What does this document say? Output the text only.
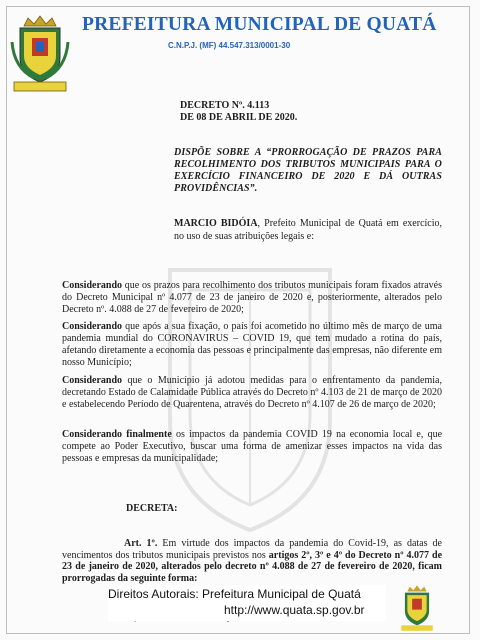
PREFEITURA MUNICIPAL DE QUATÁ
C.N.P.J. (MF) 44.547.313/0001-30
DECRETO Nº. 4.113
DE 08 DE ABRIL DE 2020.
DISPÕE SOBRE A “PRORROGAÇÃO DE PRAZOS PARA RECOLHIMENTO DOS TRIBUTOS MUNICIPAIS PARA O EXERCÍCIO FINANCEIRO DE 2020 E DÁ OUTRAS PROVIDÊNCIAS”.
MARCIO BIDÓIA, Prefeito Municipal de Quatá em exercício, no uso de suas atribuições legais e:
Considerando que os prazos para recolhimento dos tributos municipais foram fixados através do Decreto Municipal nº 4.077 de 23 de janeiro de 2020 e, posteriormente, alterados pelo Decreto nº. 4.088 de 27 de fevereiro de 2020;
Considerando que após a sua fixação, o país foi acometido no último mês de março de uma pandemia mundial do CORONAVIRUS – COVID 19, que tem mudado a rotina do país, afetando diretamente a economia das pessoas e principalmente das empresas, não diferente em nosso Município;
Considerando que o Município já adotou medidas para o enfrentamento da pandemia, decretando Estado de Calamidade Pública através do Decreto nº 4.103 de 21 de março de 2020 e estabelecendo Período de Quarentena, através do Decreto nº 4.107 de 26 de março de 2020;
Considerando finalmente os impactos da pandemia COVID 19 na economia local e, que compete ao Poder Executivo, buscar uma forma de amenizar esses impactos na vida das pessoas e empresas da municipalidade;
DECRETA:
Art. 1º. Em virtude dos impactos da pandemia do Covid-19, as datas de vencimentos dos tributos municipais previstos nos artigos 2º, 3º e 4º do Decreto nº 4.077 de 23 de janeiro de 2020, alterados pelo decreto nº 4.088 de 27 de fevereiro de 2020, ficam prorrogadas da seguinte forma:
Direitos Autorais: Prefeitura Municipal de Quatá
http://www.quata.sp.gov.br
